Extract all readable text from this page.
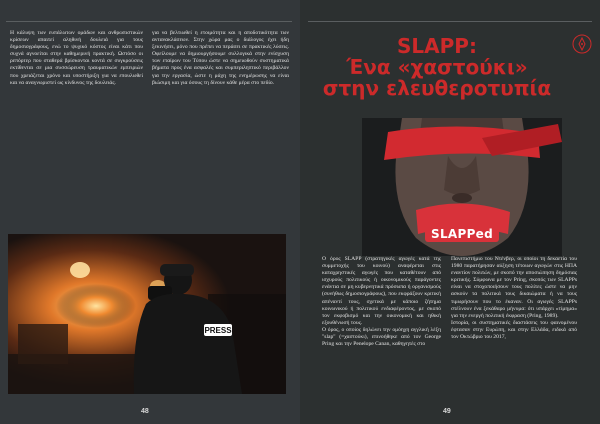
Η κάλυψη των ευπάλωτων ομάδων και ανθρωπιστικών κρίσεων απαιτεί αληθινή δουλειά για τους δημοσιογράφους, ενώ το ψυχικό κόστος είναι κάτι που συχνά αγνοείται στην καθημερινή πρακτική. Ωστόσο οι ρεπόρτερ που σταθερά βρίσκονται κοντά σε συγκρούσεις εκτίθενται σε μια συσσώρευση τραυματικών εμπειριών που χρειάζεται χρόνο και υποστήριξη για να επουλωθεί και να αναγνωριστεί ως κίνδυνος της δουλειάς.

για να βελτιωθεί η ετοιμότητα και η αποδοτικότητα των αντανακλάσεων. Στην χώρα μας ο διάλογος έχει ήδη ξεκινήσει, μόνο που πρέπει να περάσει σε πρακτικές λύσεις. Οφείλουμε να δημιουργήσουμε συλλογικά στην ενίσχυση των εταίρων του Τύπου ώστε να σημειωθούν συστηματικά βήματα προς ένα ασφαλές και συμπεριληπτικό περιβάλλον για την εργασία, ώστε η μάχη της ενημέρωσης να είναι βιώσιμη και για όσους τη δίνουν κάθε μέρα στο πεδίο.

PRESS
48
SLAPP:
Ένα «χαστούκι»
στην ελευθεροτυπία
SLAPPed

Ο όρος SLAPP (στρατηγικές αγωγές κατά της συμμετοχής του κοινού) αναφέρεται στις καταχρηστικές αγωγές που καταθέτουν από ισχυρούς πολιτικούς ή οικονομικούς παράγοντες ενάντια σε μη κυβερνητικά πρόσωπα ή οργανισμούς (συνήθως δημοσιογράφους), που εκφράζουν κριτική απέναντί τους, σχετικά με κάποιο ζήτημα κοινωνικού ή πολιτικού ενδιαφέροντος, με σκοπό τον εκφοβισμό και την οικονομική και ηθική εξουθένωσή τους.
Ο όρος, ο οποίος δηλώνει την ομόηχη αγγλική λέξη "slap" (=χαστούκι), επινοήθηκε από τον George Pring και την Penelope Canan, καθηγητές στο

Πανεπιστήμιο του Ντένβερ, οι οποίοι τη δεκαετία του 1980 παρατήρησαν αύξηση τέτοιων αγωγών στις ΗΠΑ εναντίον πολιτών, με σκοπό την αποσιώπηση δημόσιας κριτικής. Σύμφωνα με τον Pring, σκοπός των SLAPPs είναι να στοχοποιήσουν τους πολίτες ώστε να μην ασκούν τα πολιτικά τους δικαιώματα ή να τους τιμωρήσουν που το έκαναν. Οι αγωγές SLAPPs στέλνουν ένα ξεκάθαρο μήνυμα: ότι υπάρχει «τίμημα» για την ενεργή πολιτική έκφραση (Pring, 1989).
Ιστορία, οι συστηματικές διαστάσεις του φαινομένου έφτασαν στην Ευρώπη, και στην Ελλάδα, ειδικά από τον Οκτώβριο του 2017,

49
